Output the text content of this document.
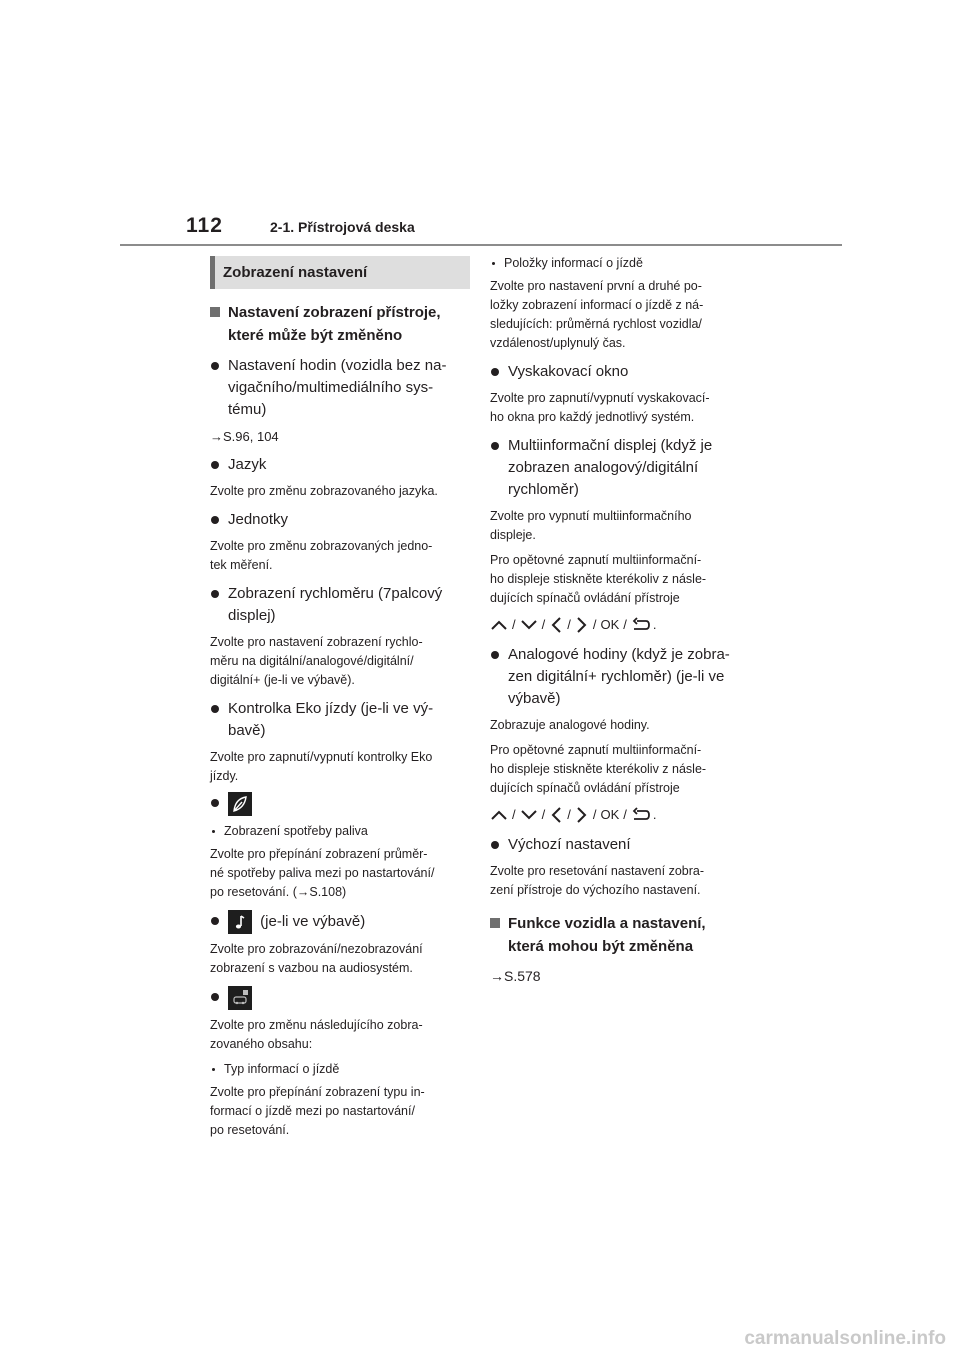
112	2-1. Přístrojová deska
Zobrazení nastavení
Nastavení zobrazení přístroje, které může být změněno
Nastavení hodin (vozidla bez na-
vigačního/multimediálního sys-
tému)
→S.96, 104
Jazyk
Zvolte pro změnu zobrazovaného jazyka.
Jednotky
Zvolte pro změnu zobrazovaných jedno-
tek měření.
Zobrazení rychloměru (7palcový
displej)
Zvolte pro nastavení zobrazení rychlo-
měru na digitální/analogové/digitální/
digitální+ (je-li ve výbavě).
Kontrolka Eko jízdy (je-li ve vý-
bavě)
Zvolte pro zapnutí/vypnutí kontrolky Eko
jízdy.
Zobrazení spotřeby paliva
Zvolte pro přepínání zobrazení průměr-
né spotřeby paliva mezi po nastartování/
po resetování. (→S.108)
(je-li ve výbavě)
Zvolte pro zobrazování/nezobrazování
zobrazení s vazbou na audiosystém.
Zvolte pro změnu následujícího zobra-
zovaného obsahu:
Typ informací o jízdě
Zvolte pro přepínání zobrazení typu in-
formací o jízdě mezi po nastartování/
po resetování.
Položky informací o jízdě
Zvolte pro nastavení první a druhé po-
ložky zobrazení informací o jízdě z ná-
sledujících: průměrná rychlost vozidla/
vzdálenost/uplynulý čas.
Vyskakovací okno
Zvolte pro zapnutí/vypnutí vyskakovací-
ho okna pro každý jednotlivý systém.
Multiinformační displej (když je
zobrazen analogový/digitální
rychloměr)
Zvolte pro vypnutí multiinformačního
displeje.
Pro opětovné zapnutí multiinformační-
ho displeje stiskněte kterékoliv z násle-
dujících spínačů ovládání přístroje
/ / / / OK / .
Analogové hodiny (když je zobra-
zen digitální+ rychloměr) (je-li ve
výbavě)
Zobrazuje analogové hodiny.
Pro opětovné zapnutí multiinformační-
ho displeje stiskněte kterékoliv z násle-
dujících spínačů ovládání přístroje
/ / / / OK / .
Výchozí nastavení
Zvolte pro resetování nastavení zobra-
zení přístroje do výchozího nastavení.
Funkce vozidla a nastavení,
která mohou být změněna
→S.578
carmanualsonline.info
